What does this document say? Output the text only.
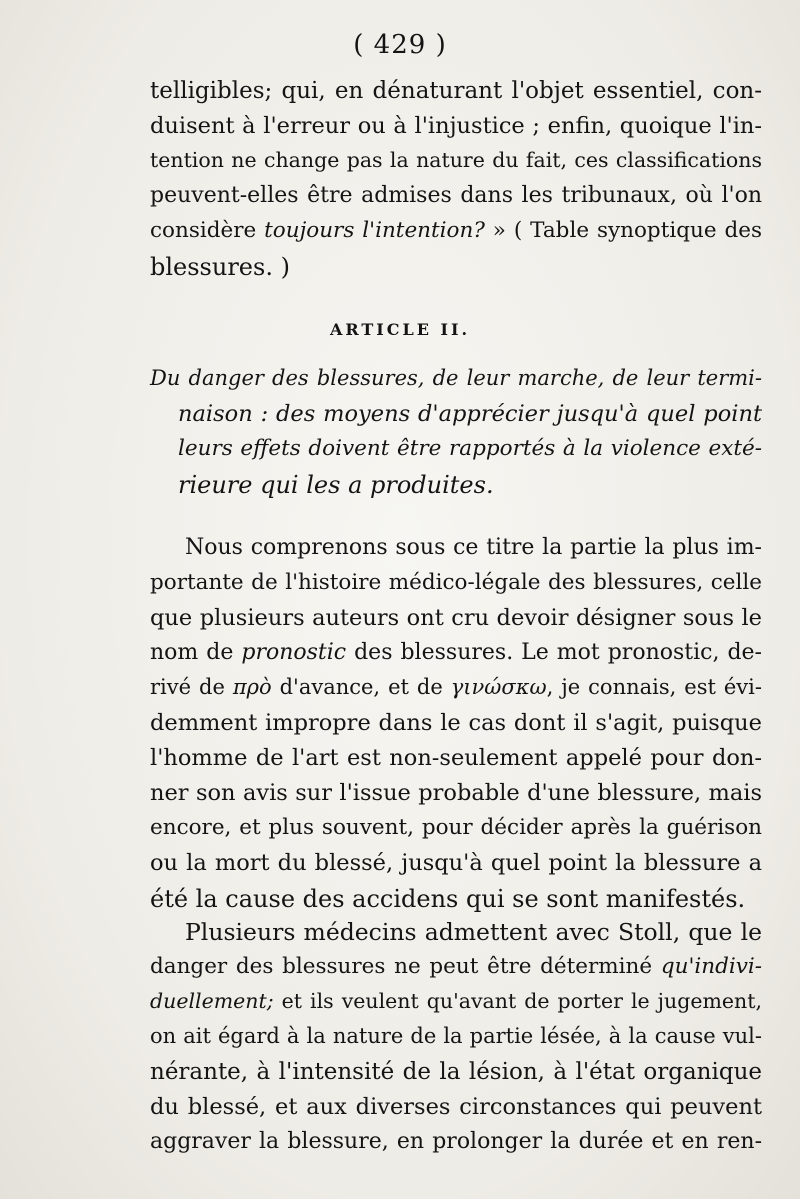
( 429 )
telligibles; qui, en dénaturant l'objet essentiel, con-
duisent à l'erreur ou à l'injustice ; enfin, quoique l'in-
tention ne change pas la nature du fait, ces classifications
peuvent-elles être admises dans les tribunaux, où l'on
considère toujours l'intention? » ( Table synoptique des
blessures. )
ARTICLE II.
Du danger des blessures, de leur marche, de leur termi-
naison : des moyens d'apprécier jusqu'à quel point
leurs effets doivent être rapportés à la violence exté-
rieure qui les a produites.
Nous comprenons sous ce titre la partie la plus im-
portante de l'histoire médico-légale des blessures, celle
que plusieurs auteurs ont cru devoir désigner sous le
nom de pronostic des blessures. Le mot pronostic, de-
rivé de πρὸ d'avance, et de γινώσκω, je connais, est évi-
demment impropre dans le cas dont il s'agit, puisque
l'homme de l'art est non-seulement appelé pour don-
ner son avis sur l'issue probable d'une blessure, mais
encore, et plus souvent, pour décider après la guérison
ou la mort du blessé, jusqu'à quel point la blessure a
été la cause des accidens qui se sont manifestés.
Plusieurs médecins admettent avec Stoll, que le
danger des blessures ne peut être déterminé qu'indivi-
duellement; et ils veulent qu'avant de porter le jugement,
on ait égard à la nature de la partie lésée, à la cause vul-
nérante, à l'intensité de la lésion, à l'état organique
du blessé, et aux diverses circonstances qui peuvent
aggraver la blessure, en prolonger la durée et en ren-
